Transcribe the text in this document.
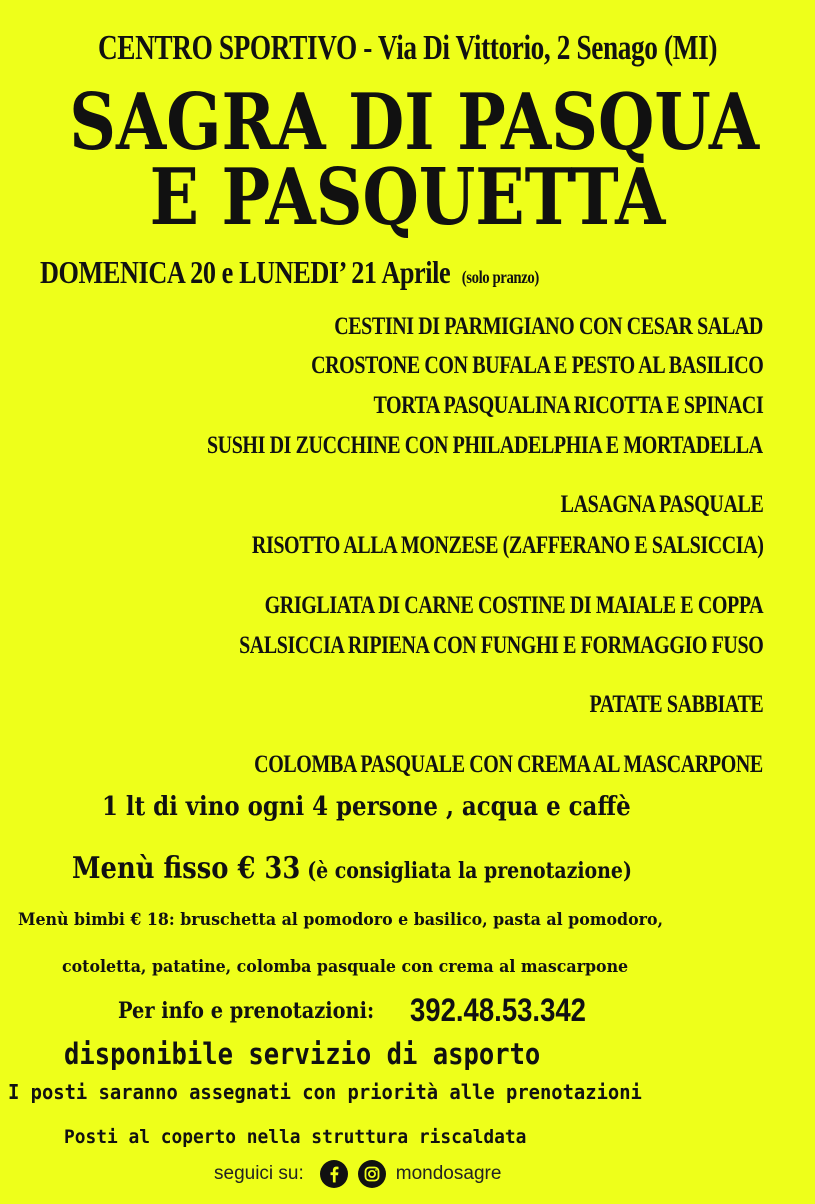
CENTRO SPORTIVO - Via Di Vittorio, 2 Senago (MI)

SAGRA DI PASQUA

E PASQUETTA

DOMENICA 20 e LUNEDI’ 21 Aprile (solo pranzo)

CESTINI DI PARMIGIANO CON CESAR SALAD

CROSTONE CON BUFALA E PESTO AL BASILICO

TORTA PASQUALINA RICOTTA E SPINACI

SUSHI DI ZUCCHINE CON PHILADELPHIA E MORTADELLA

LASAGNA PASQUALE

RISOTTO ALLA MONZESE (ZAFFERANO E SALSICCIA)

GRIGLIATA DI CARNE COSTINE DI MAIALE E COPPA

SALSICCIA RIPIENA CON FUNGHI E FORMAGGIO FUSO

PATATE SABBIATE

COLOMBA PASQUALE CON CREMA AL MASCARPONE

1 lt di vino ogni 4 persone , acqua e caffè

Menù fisso € 33 (è consigliata la prenotazione)

Menù bimbi € 18: bruschetta al pomodoro e basilico, pasta al pomodoro,

cotoletta, patatine, colomba pasquale con crema al mascarpone

Per info e prenotazioni: 392.48.53.342

disponibile servizio di asporto

I posti saranno assegnati con priorità alle prenotazioni

Posti al coperto nella struttura riscaldata

seguici su:	mondosagre
